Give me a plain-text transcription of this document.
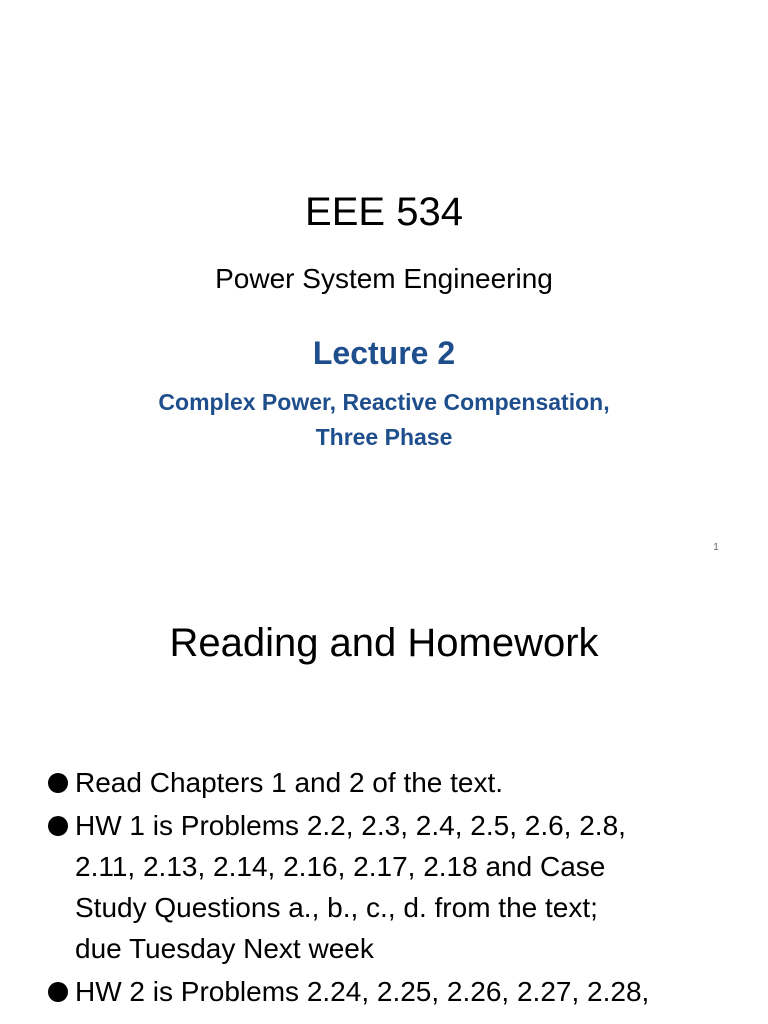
EEE 534
Power System Engineering
Lecture 2
Complex Power, Reactive Compensation,
Three Phase
1
Reading and Homework
Read Chapters 1 and 2 of the text.
HW 1 is Problems 2.2, 2.3, 2.4, 2.5, 2.6, 2.8,
2.11, 2.13, 2.14, 2.16, 2.17, 2.18 and Case
Study Questions a., b., c., d. from the text;
due Tuesday Next week
HW 2 is Problems 2.24, 2.25, 2.26, 2.27, 2.28,
